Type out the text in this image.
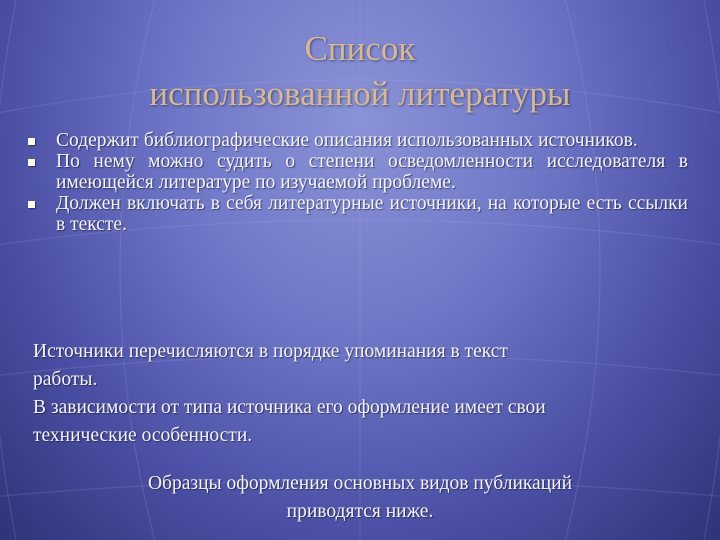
Список
использованной литературы
Содержит библиографические описания использованных источников.
По нему можно судить о степени осведомленности исследователя в имеющейся литературе по изучаемой проблеме.
Должен включать в себя литературные источники, на которые есть ссылки в тексте.
Источники перечисляются в порядке упоминания в текст
работы.
В зависимости от типа источника его оформление имеет свои
технические особенности.
Образцы оформления основных видов публикаций
приводятся ниже.
